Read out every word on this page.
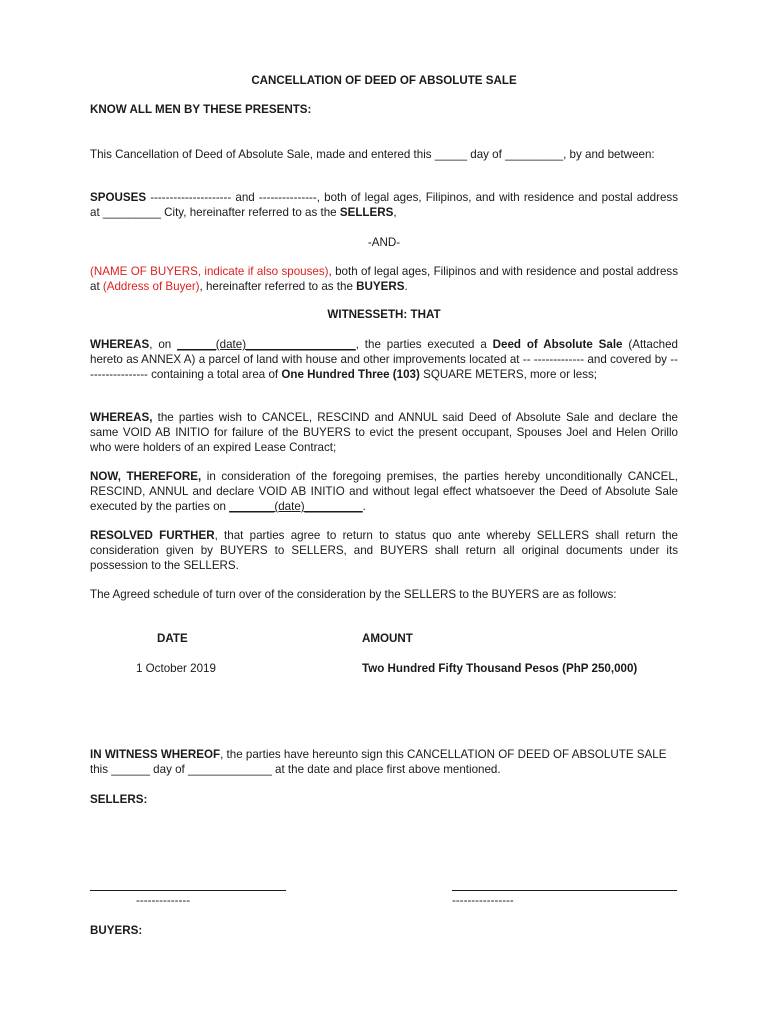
CANCELLATION OF DEED OF ABSOLUTE SALE

KNOW ALL MEN BY THESE PRESENTS:

This Cancellation of Deed of Absolute Sale, made and entered this _____ day of _________, by and between:

SPOUSES --------------------- and ---------------, both of legal ages, Filipinos, and with residence and postal address at _________ City, hereinafter referred to as the SELLERS,

-AND-

(NAME OF BUYERS, indicate if also spouses), both of legal ages, Filipinos and with residence and postal address at (Address of Buyer), hereinafter referred to as the BUYERS.

WITNESSETH: THAT

WHEREAS, on ______(date)_________________, the parties executed a Deed of Absolute Sale (Attached hereto as ANNEX A) a parcel of land with house and other improvements located at -- ------------- and covered by ----------------- containing a total area of One Hundred Three (103) SQUARE METERS, more or less;

WHEREAS, the parties wish to CANCEL, RESCIND and ANNUL said Deed of Absolute Sale and declare the same VOID AB INITIO for failure of the BUYERS to evict the present occupant, Spouses Joel and Helen Orillo who were holders of an expired Lease Contract;

NOW, THEREFORE, in consideration of the foregoing premises, the parties hereby unconditionally CANCEL, RESCIND, ANNUL and declare VOID AB INITIO and without legal effect whatsoever the Deed of Absolute Sale executed by the parties on _______(date)_________.

RESOLVED FURTHER, that parties agree to return to status quo ante whereby SELLERS shall return the consideration given by BUYERS to SELLERS, and BUYERS shall return all original documents under its possession to the SELLERS.

The Agreed schedule of turn over of the consideration by the SELLERS to the BUYERS are as follows:

DATE	AMOUNT

1 October 2019	Two Hundred Fifty Thousand Pesos (PhP 250,000)

IN WITNESS WHEREOF, the parties have hereunto sign this CANCELLATION OF DEED OF ABSOLUTE SALE this ______ day of _____________ at the date and place first above mentioned.

SELLERS:

--------------	----------------

BUYERS:
